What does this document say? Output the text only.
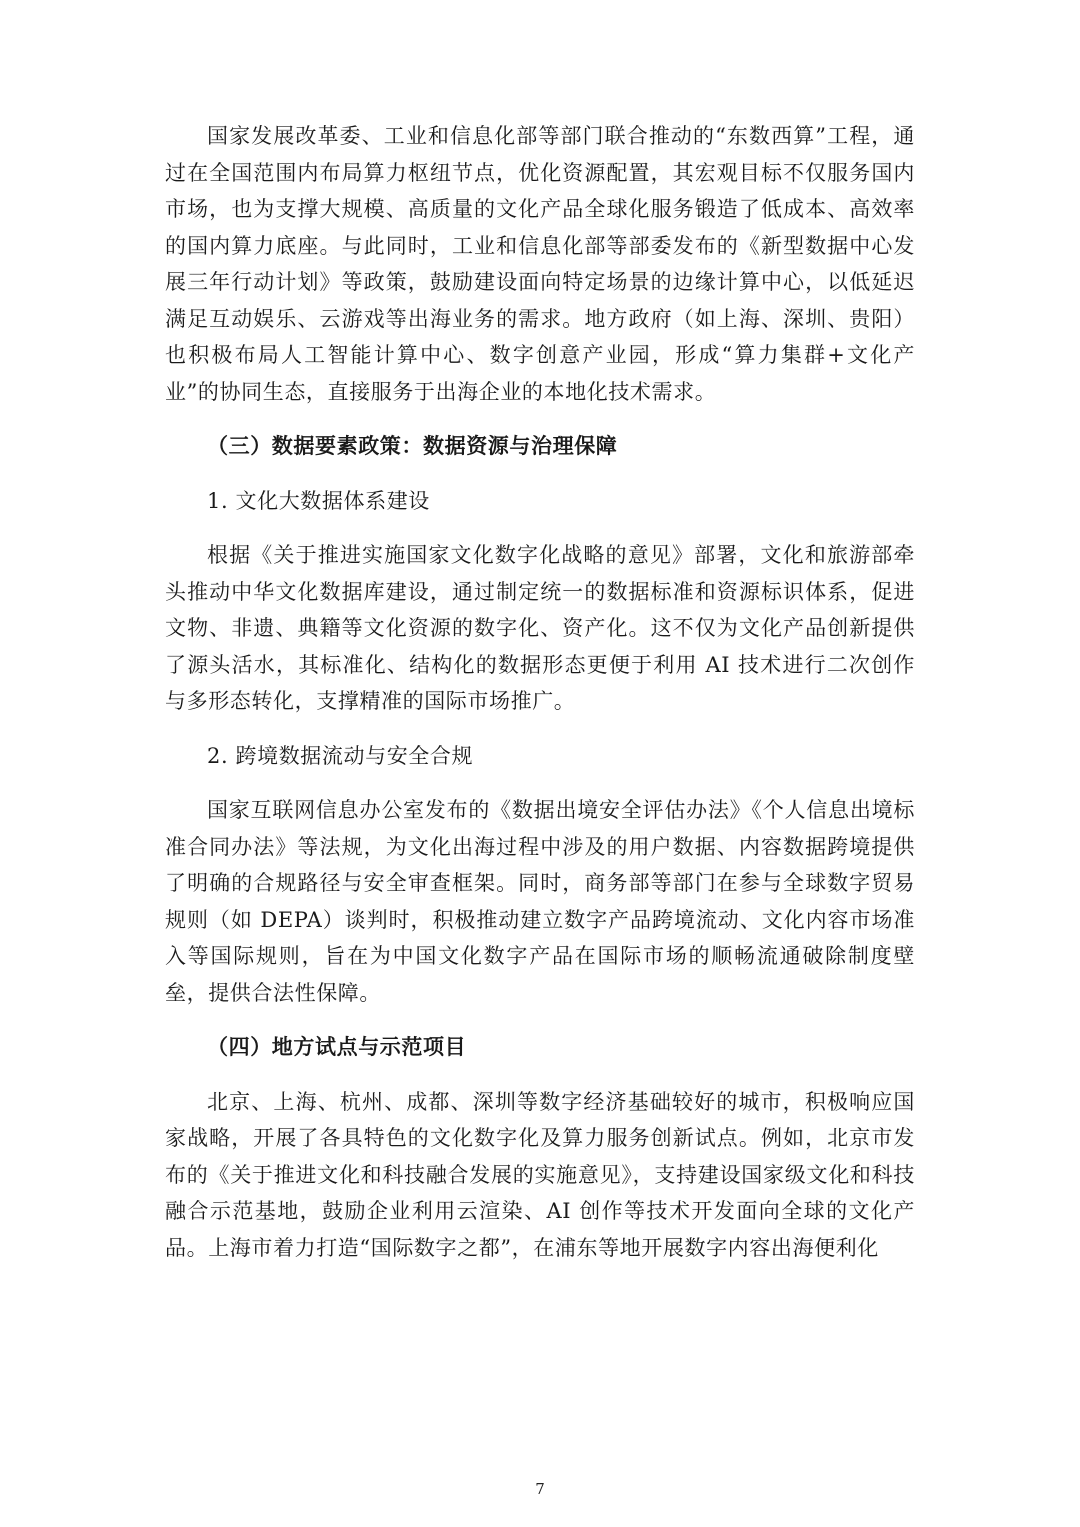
国家发展改革委、工业和信息化部等部门联合推动的“东数西算”工程，通过在全国范围内布局算力枢纽节点，优化资源配置，其宏观目标不仅服务国内市场，也为支撑大规模、高质量的文化产品全球化服务锻造了低成本、高效率的国内算力底座。与此同时，工业和信息化部等部委发布的《新型数据中心发展三年行动计划》等政策，鼓励建设面向特定场景的边缘计算中心，以低延迟满足互动娱乐、云游戏等出海业务的需求。地方政府（如上海、深圳、贵阳）也积极布局人工智能计算中心、数字创意产业园，形成“算力集群+文化产业”的协同生态，直接服务于出海企业的本地化技术需求。

（三）数据要素政策：数据资源与治理保障

1. 文化大数据体系建设

根据《关于推进实施国家文化数字化战略的意见》部署，文化和旅游部牵头推动中华文化数据库建设，通过制定统一的数据标准和资源标识体系，促进文物、非遗、典籍等文化资源的数字化、资产化。这不仅为文化产品创新提供了源头活水，其标准化、结构化的数据形态更便于利用 AI 技术进行二次创作与多形态转化，支撑精准的国际市场推广。

2. 跨境数据流动与安全合规

国家互联网信息办公室发布的《数据出境安全评估办法》《个人信息出境标准合同办法》等法规，为文化出海过程中涉及的用户数据、内容数据跨境提供了明确的合规路径与安全审查框架。同时，商务部等部门在参与全球数字贸易规则（如 DEPA）谈判时，积极推动建立数字产品跨境流动、文化内容市场准入等国际规则，旨在为中国文化数字产品在国际市场的顺畅流通破除制度壁垒，提供合法性保障。

（四）地方试点与示范项目

北京、上海、杭州、成都、深圳等数字经济基础较好的城市，积极响应国家战略，开展了各具特色的文化数字化及算力服务创新试点。例如，北京市发布的《关于推进文化和科技融合发展的实施意见》，支持建设国家级文化和科技融合示范基地，鼓励企业利用云渲染、AI 创作等技术开发面向全球的文化产品。上海市着力打造“国际数字之都”，在浦东等地开展数字内容出海便利化

7
